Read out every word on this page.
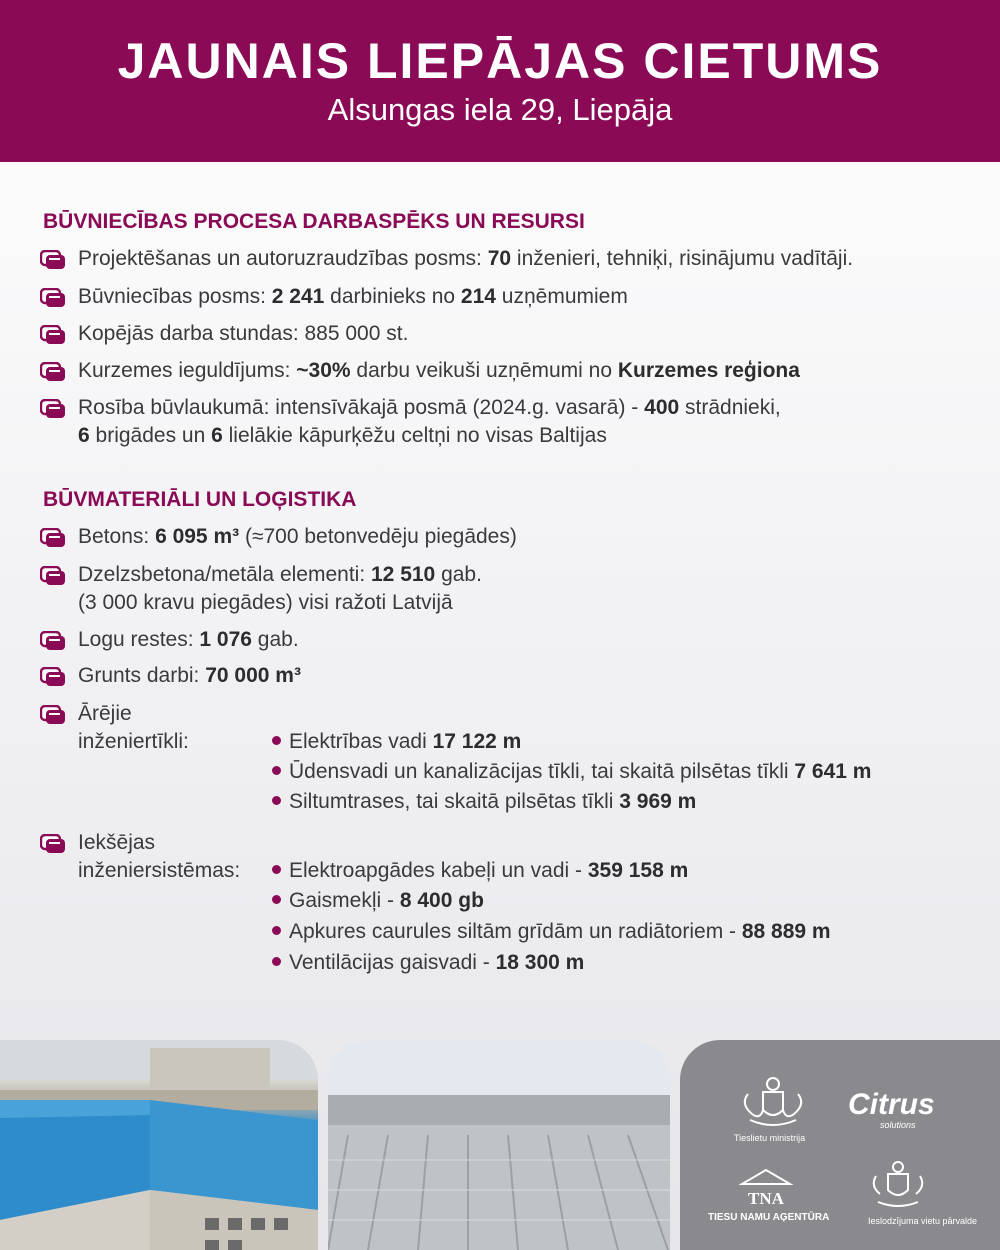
JAUNAIS LIEPĀJAS CIETUMS
Alsungas iela 29, Liepāja
BŪVNIECĪBAS PROCESA DARBASPĒKS UN RESURSI
Projektēšanas un autoruzraudzības posms: 70 inženieri, tehniķi, risinājumu vadītāji.
Būvniecības posms: 2 241 darbinieks no 214 uzņēmumiem
Kopējās darba stundas: 885 000 st.
Kurzemes ieguldījums: ~30% darbu veikuši uzņēmumi no Kurzemes reģiona
Rosība būvlaukumā: intensīvākajā posmā (2024.g. vasarā) - 400 strādnieki,
6 brigādes un 6 lielākie kāpurķēžu celtņi no visas Baltijas
BŪVMATERIĀLI UN LOĢISTIKA
Betons: 6 095 m³ (≈700 betonvedēju piegādes)
Dzelzsbetona/metāla elementi: 12 510 gab.
(3 000 kravu piegādes) visi ražoti Latvijā
Logu restes: 1 076 gab.
Grunts darbi: 70 000 m³
Ārējie
inženiertīkli:	Elektrības vadi 17 122 m
Ūdensvadi un kanalizācijas tīkli, tai skaitā pilsētas tīkli 7 641 m
Siltumtrases, tai skaitā pilsētas tīkli 3 969 m
Iekšējas
inženiersistēmas:	Elektroapgādes kabeļi un vadi - 359 158 m
Gaismekļi - 8 400 gb
Apkures caurules siltām grīdām un radiātoriem - 88 889 m
Ventilācijas gaisvadi - 18 300 m
Tieslietu ministrija
Citrus
solutions
TNA
TIESU NAMU AĢENTŪRA	Ieslodzījuma vietu pārvalde
